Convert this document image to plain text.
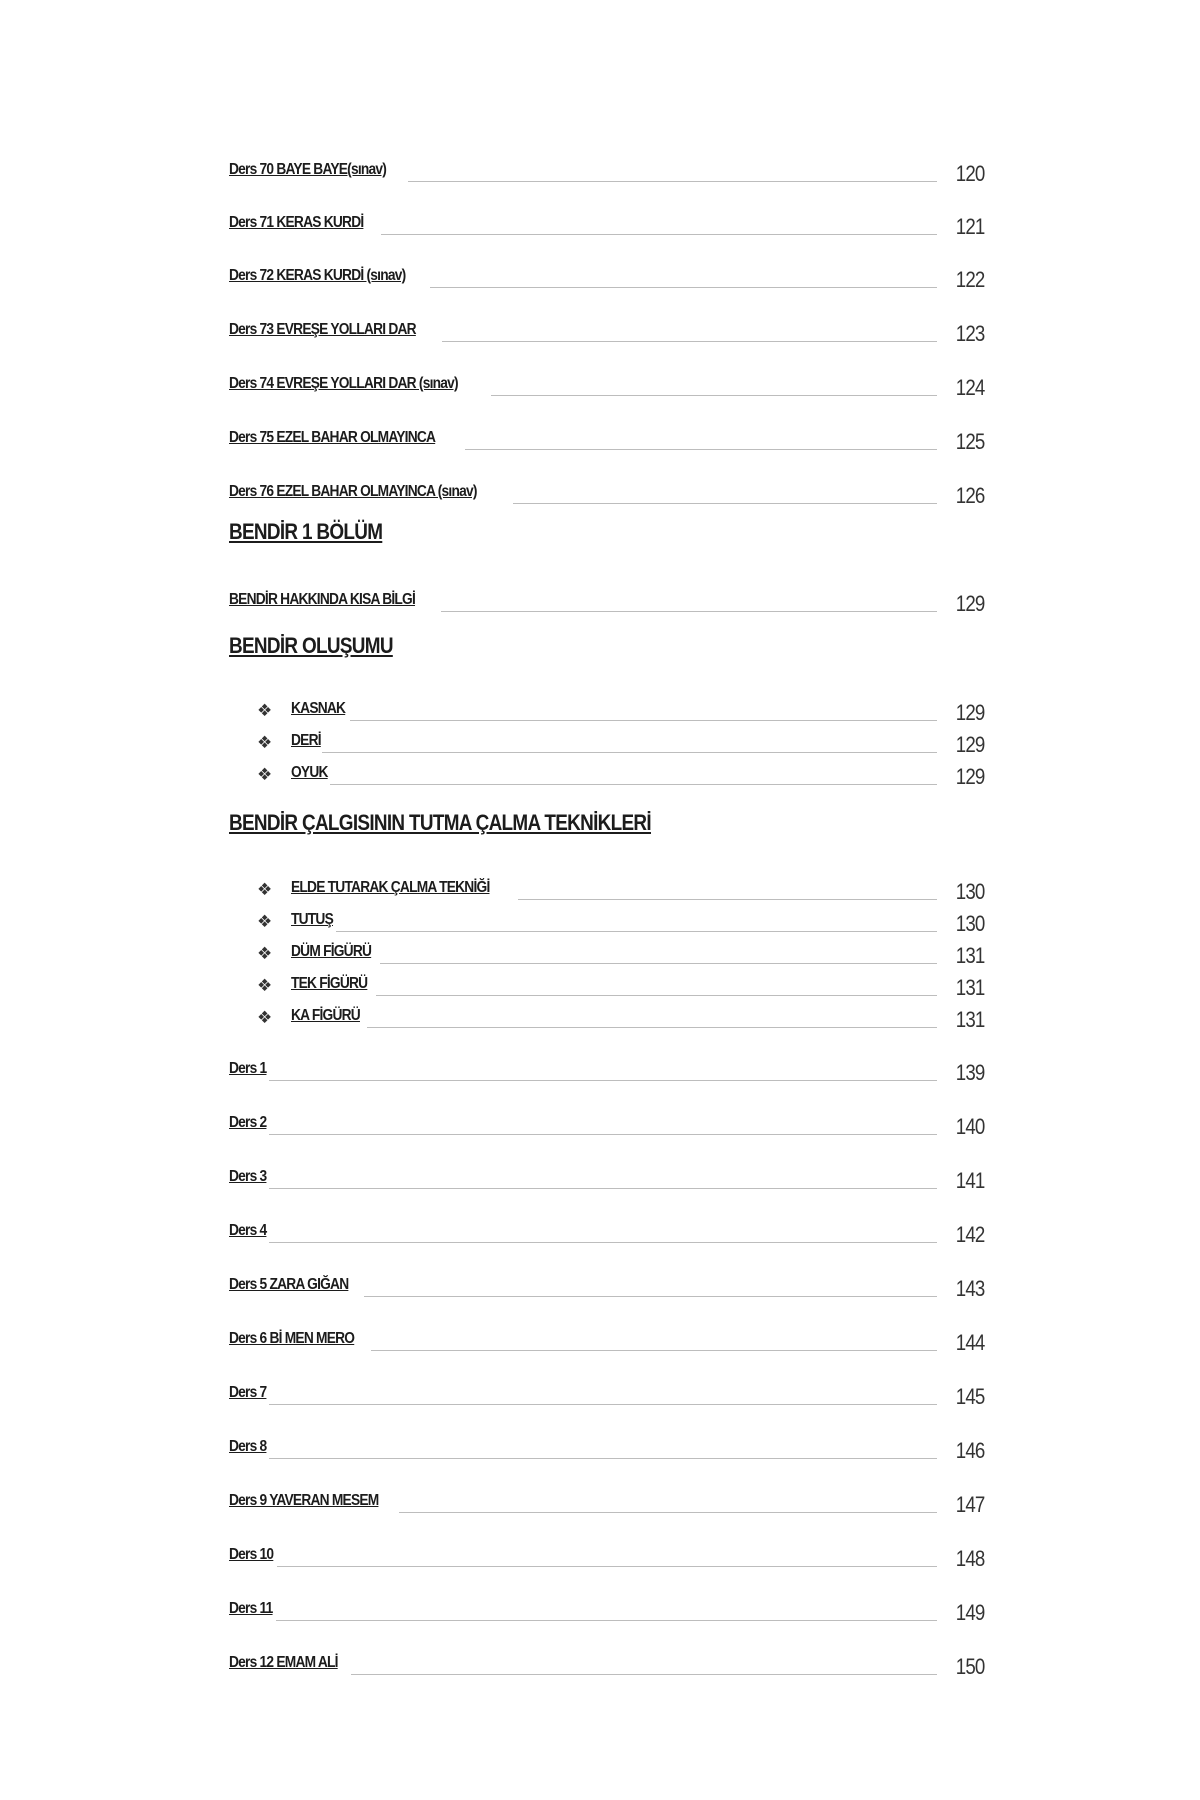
Ders 70 BAYE BAYE(sınav)	120
Ders 71 KERAS KURDİ	121
Ders 72 KERAS KURDİ (sınav)	122
Ders 73 EVREŞE YOLLARI DAR	123
Ders 74 EVREŞE YOLLARI DAR (sınav)	124
Ders 75 EZEL BAHAR OLMAYINCA	125
Ders 76 EZEL BAHAR OLMAYINCA (sınav)	126
BENDİR 1 BÖLÜM
BENDİR HAKKINDA KISA BİLGİ	129
BENDİR OLUŞUMU
❖	KASNAK	129
❖	DERİ	129
❖	OYUK	129
BENDİR ÇALGISININ TUTMA ÇALMA TEKNİKLERİ
❖	ELDE TUTARAK ÇALMA TEKNİĞİ	130
❖	TUTUŞ	130
❖	DÜM FİGÜRÜ	131
❖	TEK FİGÜRÜ	131
❖	KA FİGÜRÜ	131
Ders 1	139
Ders 2	140
Ders 3	141
Ders 4	142
Ders 5 ZARA GIĞAN	143
Ders 6 Bİ MEN MERO	144
Ders 7	145
Ders 8	146
Ders 9 YAVERAN MESEM	147
Ders 10	148
Ders 11	149
Ders 12 EMAM ALİ	150
